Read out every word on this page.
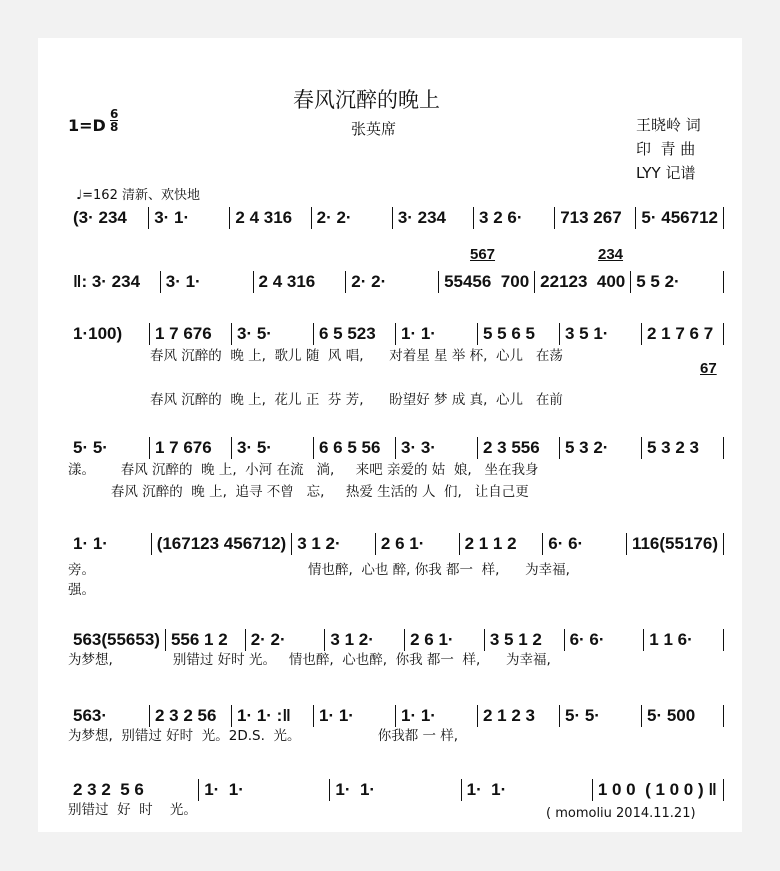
春风沉醉的晚上
张英席
1=D
6
8	王晓岭 词
印  青 曲
LYY 记谱
♩=162 清新、欢快地
(3· 234	3· 1·	2 4 316	2· 2·	3· 234	3 2 6·	713 267	5· 456712
‖: 3· 234	3· 1·	2 4 316	2· 2·	55456  700 22123  400 5 5 2·
567	234
1·100)	1 7 676	3· 5·	6 5 523	1· 1·	5 5 6 5	3 5 1·	2 1 7 6 7
春风 沉醉的  晚 上,  歌儿 随  风 唱,      对着星 星 举 杯,  心儿   在荡
春风 沉醉的  晚 上,  花儿 正  芬 芳,      盼望好 梦 成 真,  心儿   在前
67
5· 5·	1 7 676	3· 5·	6 6 5 56	3· 3·	2 3 556	5 3 2·	5 3 2 3
漾。      春风 沉醉的  晚 上,  小河 在流   淌,     来吧 亲爱的 姑  娘,   坐在我身
春风 沉醉的  晚 上,  追寻 不曾   忘,     热爱 生活的 人  们,   让自己更
1· 1·	(167123 456712) 3 1 2·	2 6 1·	2 1 1 2	6· 6·	116(55176)
情也醉,  心也 醉, 你我 都一  样,      为幸福,
旁。
强。
563(55653) 556 1 2	2· 2·	3 1 2·	2 6 1·	3 5 1 2	6· 6·	1 1 6·
为梦想,              别错过 好时 光。   情也醉,  心也醉,  你我 都一  样,      为幸福,
563·	2 3 2 56	1· 1· :‖	1· 1·	1· 1·	2 1 2 3	5· 5·	5· 500
为梦想,  别错过 好时  光。2D.S.  光。                  你我都 一 样,
2 3 2  5 6	1·  1·	1·  1·	1·  1·	1 0 0  ( 1 0 0 ) ‖
别错过  好  时    光。	( momoliu 2014.11.21)
